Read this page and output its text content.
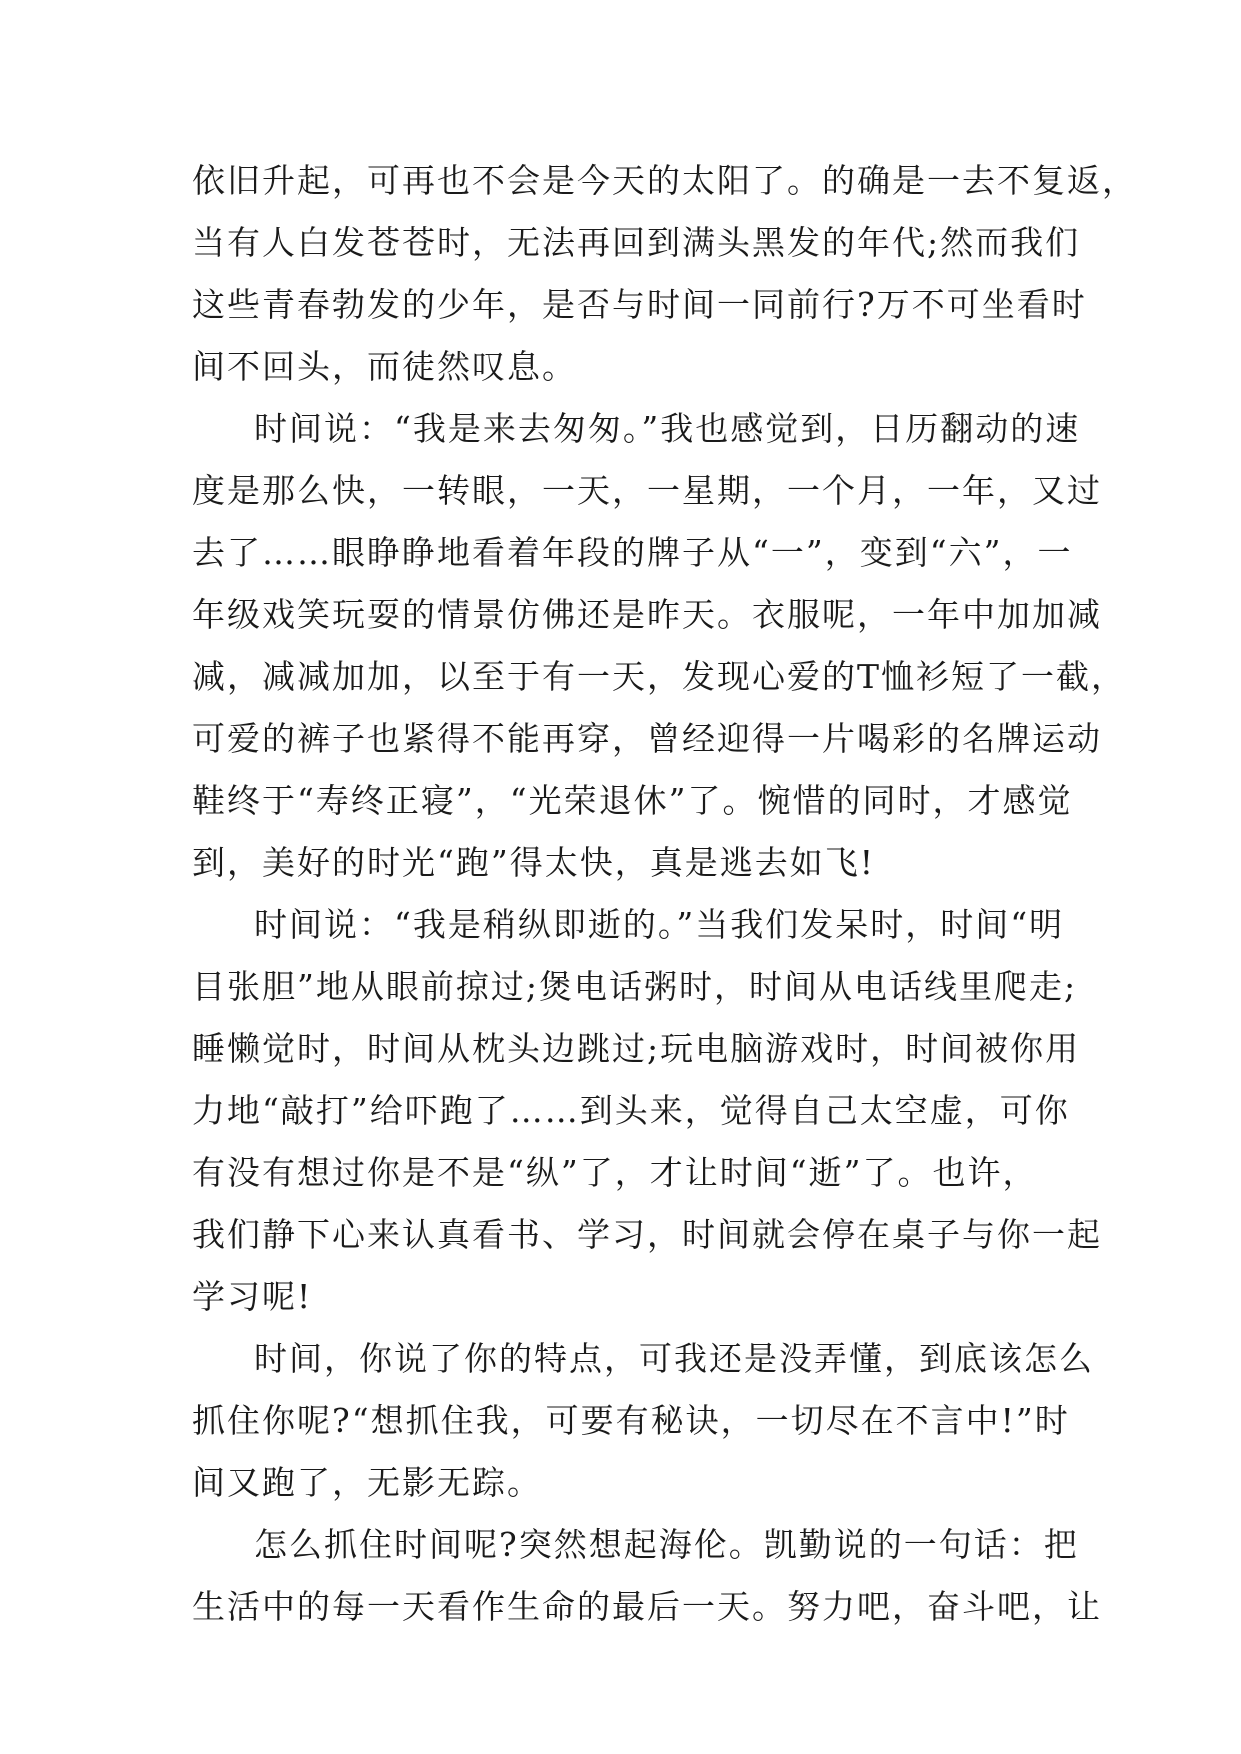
依旧升起，可再也不会是今天的太阳了。的确是一去不复返，
当有人白发苍苍时，无法再回到满头黑发的年代;然而我们
这些青春勃发的少年，是否与时间一同前行?万不可坐看时
间不回头，而徒然叹息。
时间说：“我是来去匆匆。”我也感觉到，日历翻动的速
度是那么快，一转眼，一天，一星期，一个月，一年，又过
去了……眼睁睁地看着年段的牌子从“一”，变到“六”，一
年级戏笑玩耍的情景仿佛还是昨天。衣服呢，一年中加加减
减，减减加加，以至于有一天，发现心爱的T恤衫短了一截，
可爱的裤子也紧得不能再穿，曾经迎得一片喝彩的名牌运动
鞋终于“寿终正寝”，“光荣退休”了。惋惜的同时，才感觉
到，美好的时光“跑”得太快，真是逃去如飞!
时间说：“我是稍纵即逝的。”当我们发呆时，时间“明
目张胆”地从眼前掠过;煲电话粥时，时间从电话线里爬走;
睡懒觉时，时间从枕头边跳过;玩电脑游戏时，时间被你用
力地“敲打”给吓跑了……到头来，觉得自己太空虚，可你
有没有想过你是不是“纵”了，才让时间“逝”了。也许，
我们静下心来认真看书、学习，时间就会停在桌子与你一起
学习呢!
时间，你说了你的特点，可我还是没弄懂，到底该怎么
抓住你呢?“想抓住我，可要有秘诀，一切尽在不言中!”时
间又跑了，无影无踪。
怎么抓住时间呢?突然想起海伦。凯勤说的一句话：把
生活中的每一天看作生命的最后一天。努力吧，奋斗吧，让
